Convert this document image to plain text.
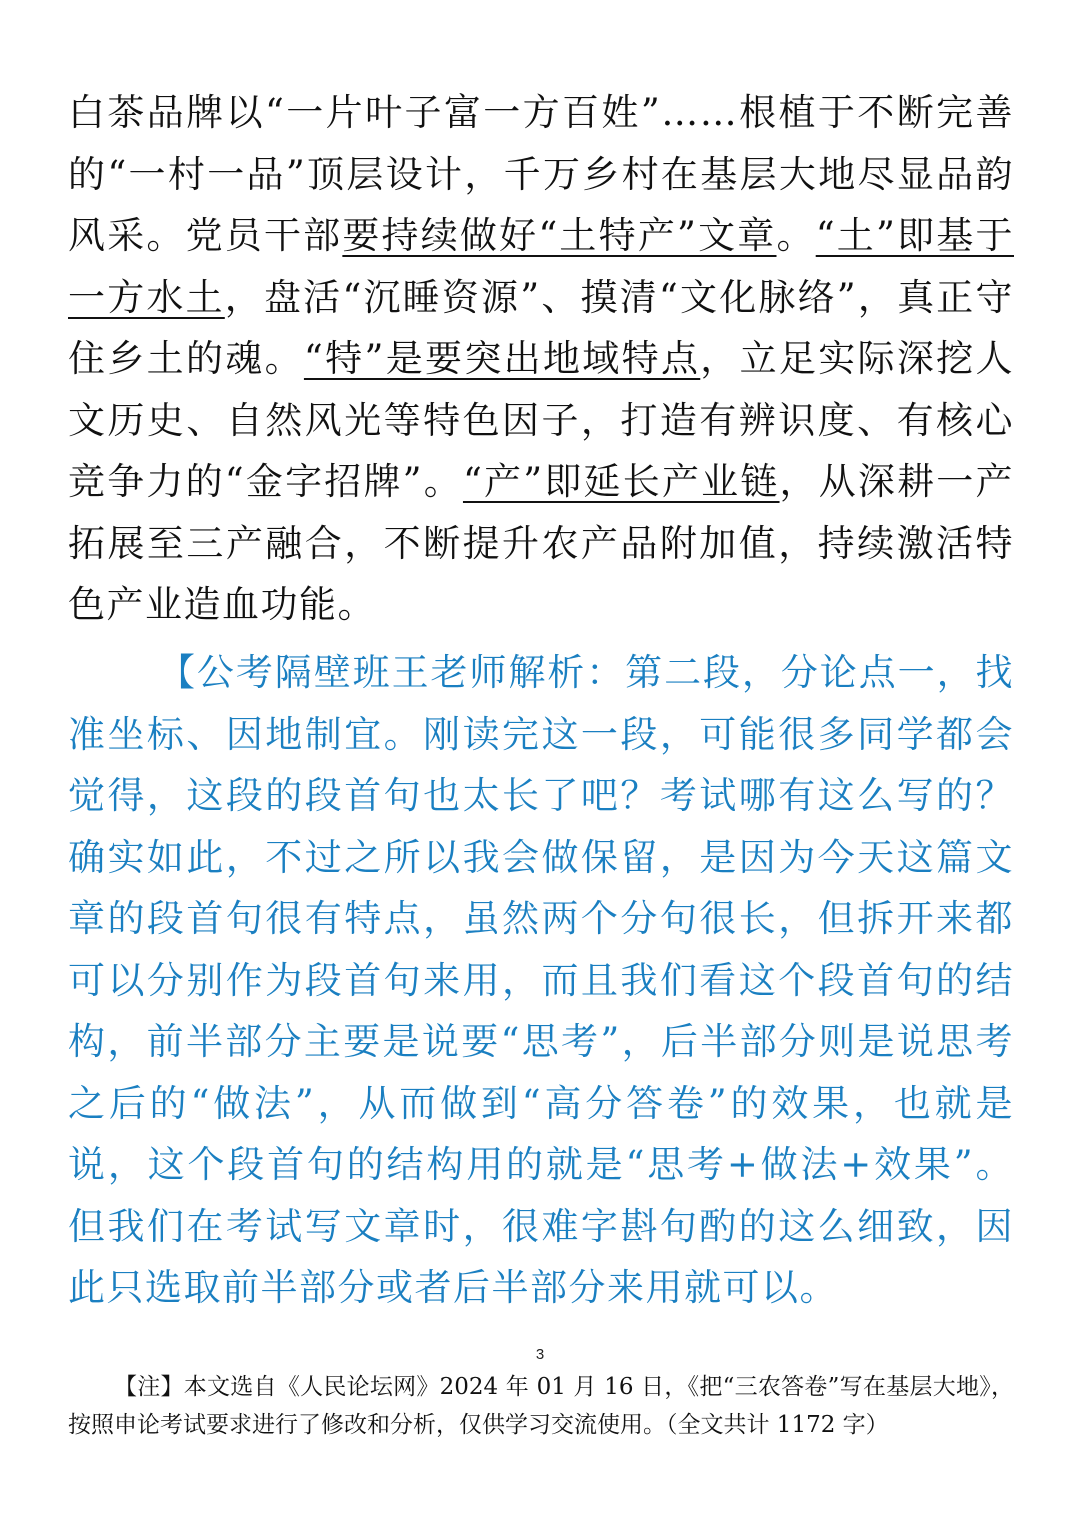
白茶品牌以“一片叶子富一方百姓”……根植于不断完善的“一村一品”顶层设计，千万乡村在基层大地尽显品韵风采。党员干部要持续做好“土特产”文章。“土”即基于一方水土，盘活“沉睡资源”、摸清“文化脉络”，真正守住乡土的魂。“特”是要突出地域特点，立足实际深挖人文历史、自然风光等特色因子，打造有辨识度、有核心竞争力的“金字招牌”。“产”即延长产业链，从深耕一产拓展至三产融合，不断提升农产品附加值，持续激活特色产业造血功能。

【公考隔壁班王老师解析：第二段，分论点一，找准坐标、因地制宜。刚读完这一段，可能很多同学都会觉得，这段的段首句也太长了吧？考试哪有这么写的？确实如此，不过之所以我会做保留，是因为今天这篇文章的段首句很有特点，虽然两个分句很长，但拆开来都可以分别作为段首句来用，而且我们看这个段首句的结构，前半部分主要是说要“思考”，后半部分则是说思考之后的“做法”，从而做到“高分答卷”的效果，也就是说，这个段首句的结构用的就是“思考+做法+效果”。但我们在考试写文章时，很难字斟句酌的这么细致，因此只选取前半部分或者后半部分来用就可以。

3

【注】本文选自《人民论坛网》2024 年 01 月 16 日，《把“三农答卷”写在基层大地》，按照申论考试要求进行了修改和分析，仅供学习交流使用。（全文共计 1172 字）
